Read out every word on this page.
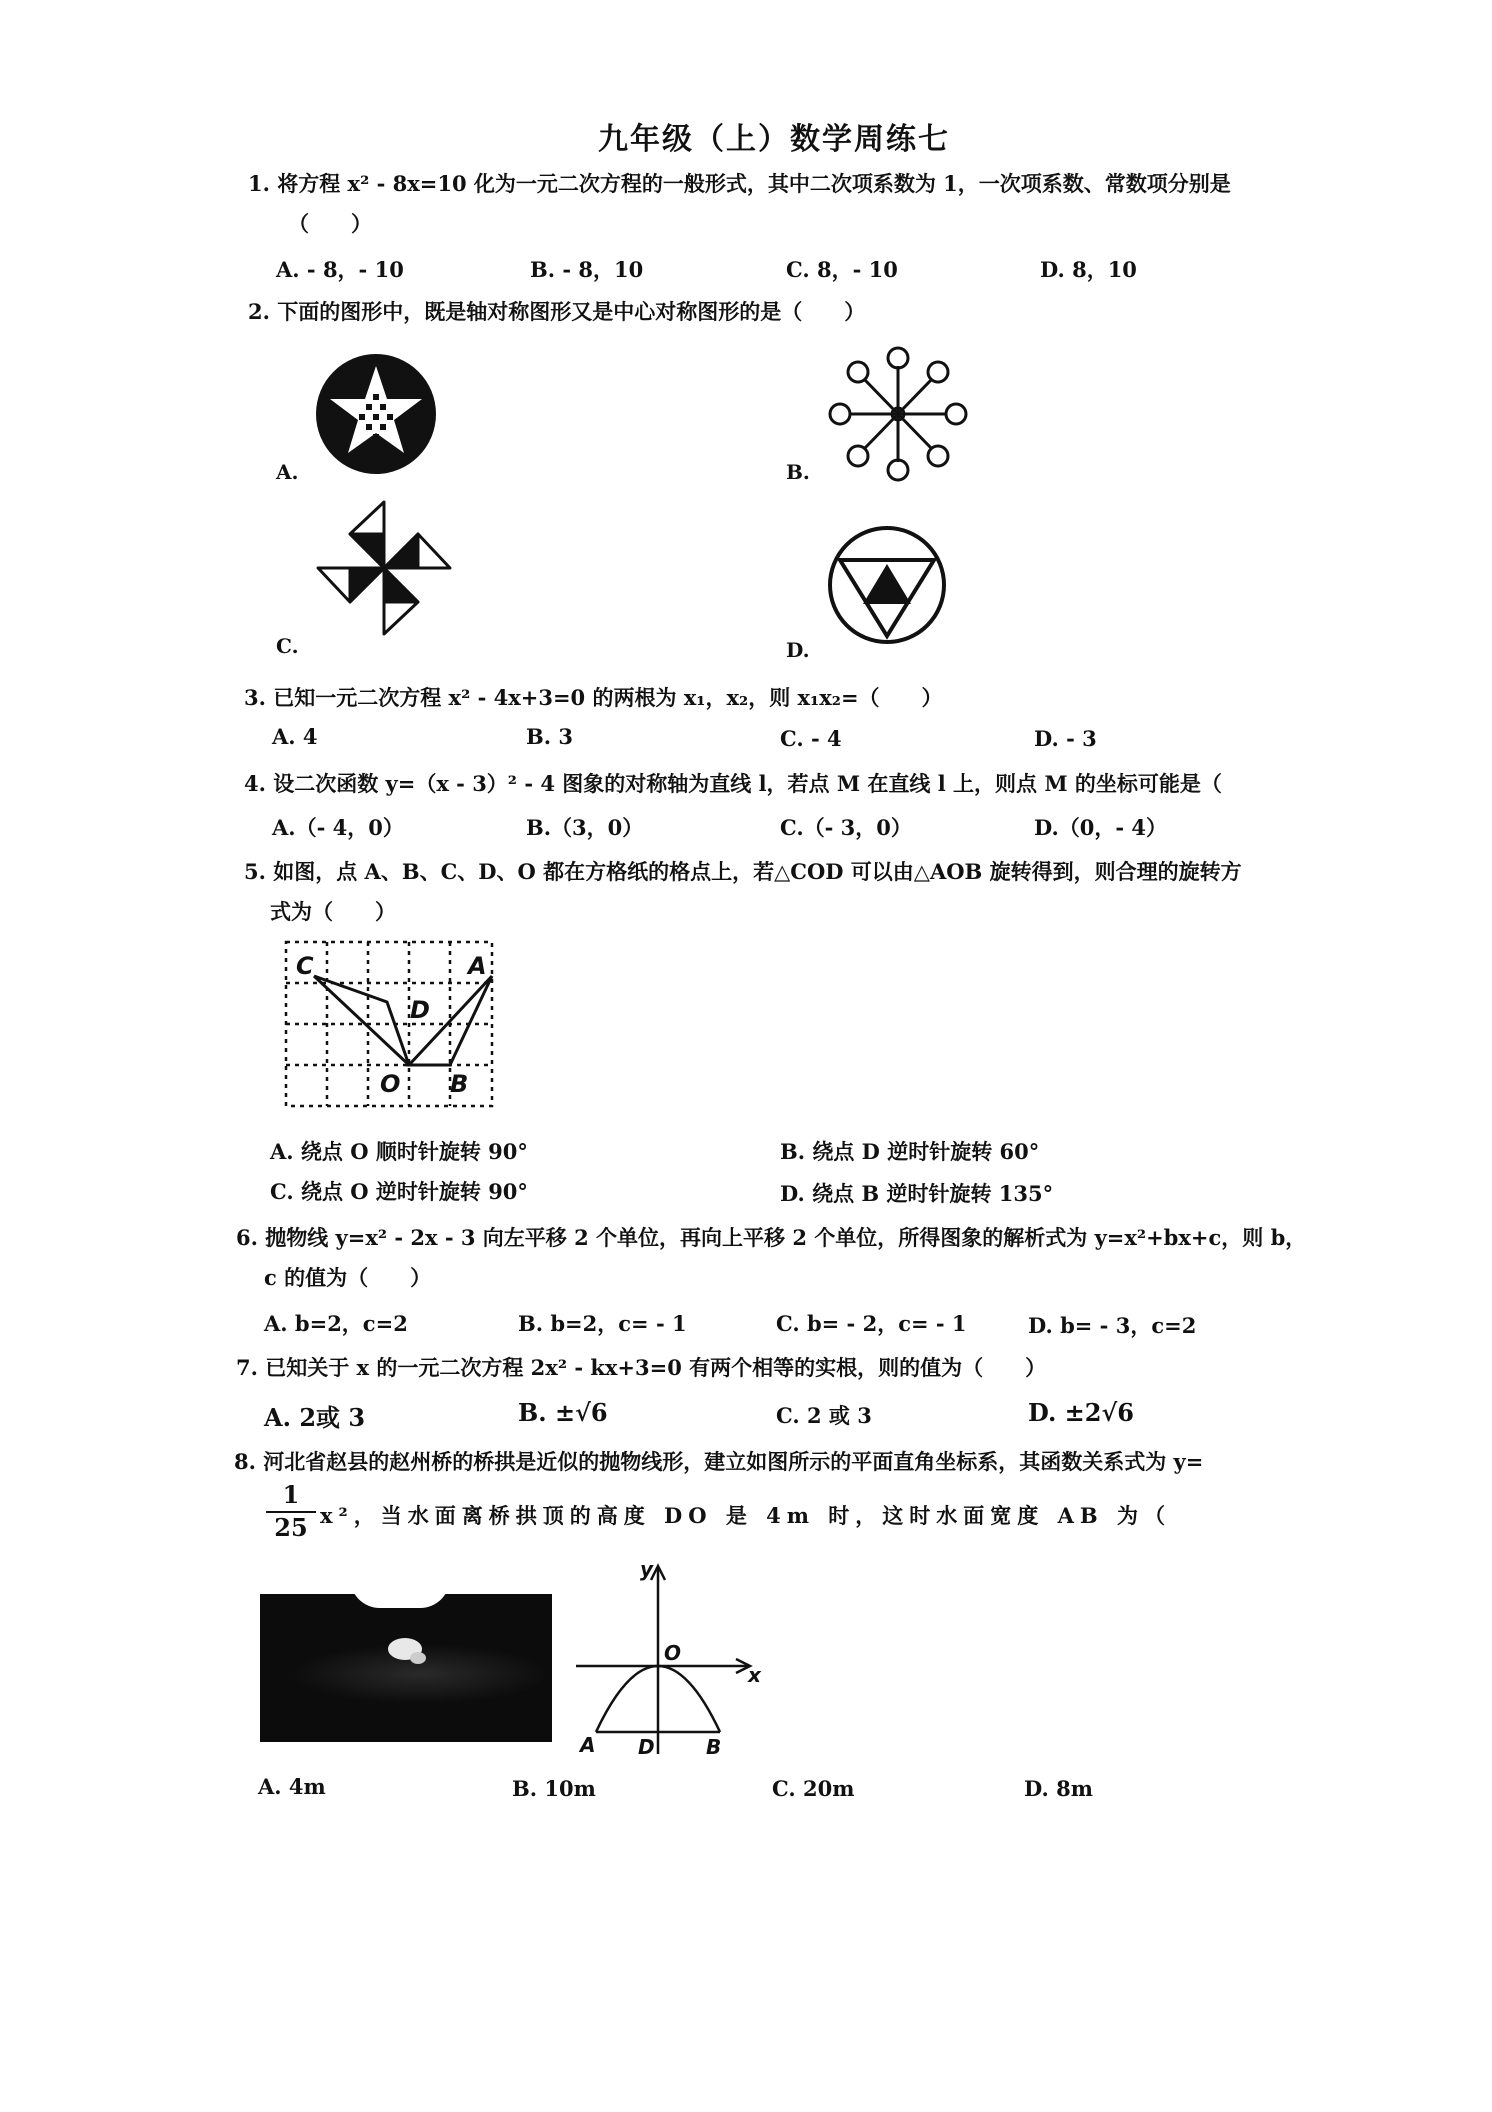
九年级（上）数学周练七
1. 将方程 x² - 8x=10 化为一元二次方程的一般形式，其中二次项系数为 1，一次项系数、常数项分别是
（　　）
A. - 8，- 10	B. - 8，10	C. 8，- 10	D. 8，10
2. 下面的图形中，既是轴对称图形又是中心对称图形的是（　　）
A.	B.
C.	D.
3. 已知一元二次方程 x² - 4x+3=0 的两根为 x₁，x₂，则 x₁x₂=（　　）
A. 4	B. 3	C. - 4	D. - 3
4. 设二次函数 y=（x - 3）² - 4 图象的对称轴为直线 l，若点 M 在直线 l 上，则点 M 的坐标可能是（
A.（- 4，0）	B.（3，0）	C.（- 3，0）	D.（0，- 4）
5. 如图，点 A、B、C、D、O 都在方格纸的格点上，若△COD 可以由△AOB 旋转得到，则合理的旋转方
式为（　　）
C	A
D
O B
A. 绕点 O 顺时针旋转 90°	B. 绕点 D 逆时针旋转 60°
C. 绕点 O 逆时针旋转 90°	D. 绕点 B 逆时针旋转 135°
6. 抛物线 y=x² - 2x - 3 向左平移 2 个单位，再向上平移 2 个单位，所得图象的解析式为 y=x²+bx+c，则 b，
c 的值为（　　）
A. b=2，c=2	B. b=2，c= - 1	C. b= - 2，c= - 1	D. b= - 3，c=2
7. 已知关于 x 的一元二次方程 2x² - kx+3=0 有两个相等的实根，则的值为（　　）
A. 2或 3	B. ±√6	C. 2 或 3	D. ±2√6
8. 河北省赵县的赵州桥的桥拱是近似的抛物线形，建立如图所示的平面直角坐标系，其函数关系式为 y=
$\frac{1}{25} x^2$，当水面离桥拱顶的高度 DO 是 4m 时，这时水面宽度 AB 为（
y
x
O
A D	B
A. 4m	B. 10m	C. 20m	D. 8m
